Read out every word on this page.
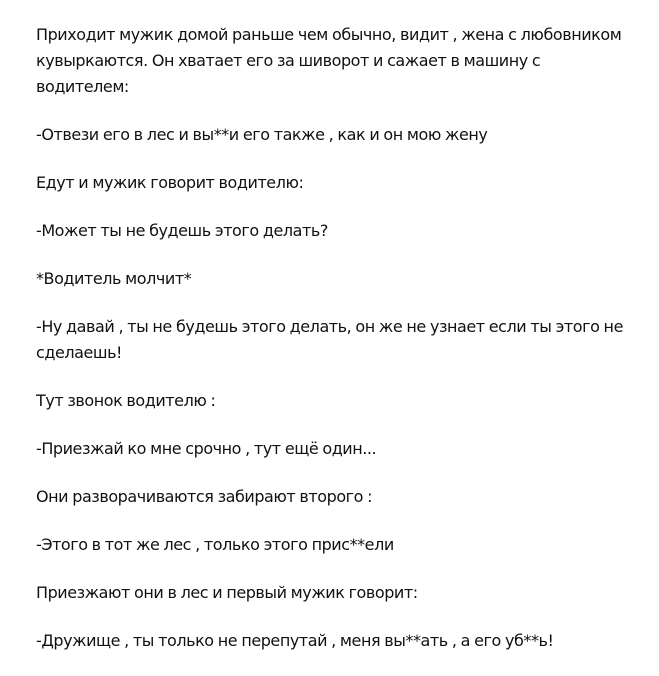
Приходит мужик домой раньше чем обычно, видит , жена с любовником кувыркаются. Он хватает его за шиворот и сажает в машину с водителем:

-Отвези его в лес и вы**и его также , как и он мою жену

Едут и мужик говорит водителю:

-Может ты не будешь этого делать?

*Водитель молчит*

-Ну давай , ты не будешь этого делать, он же не узнает если ты этого не сделаешь!

Тут звонок водителю :

-Приезжай ко мне срочно , тут ещё один...

Они разворачиваются забирают второго :

-Этого в тот же лес , только этого прис**ели

Приезжают они в лес и первый мужик говорит:

-Дружище , ты только не перепутай , меня вы**ать , а его уб**ь!
